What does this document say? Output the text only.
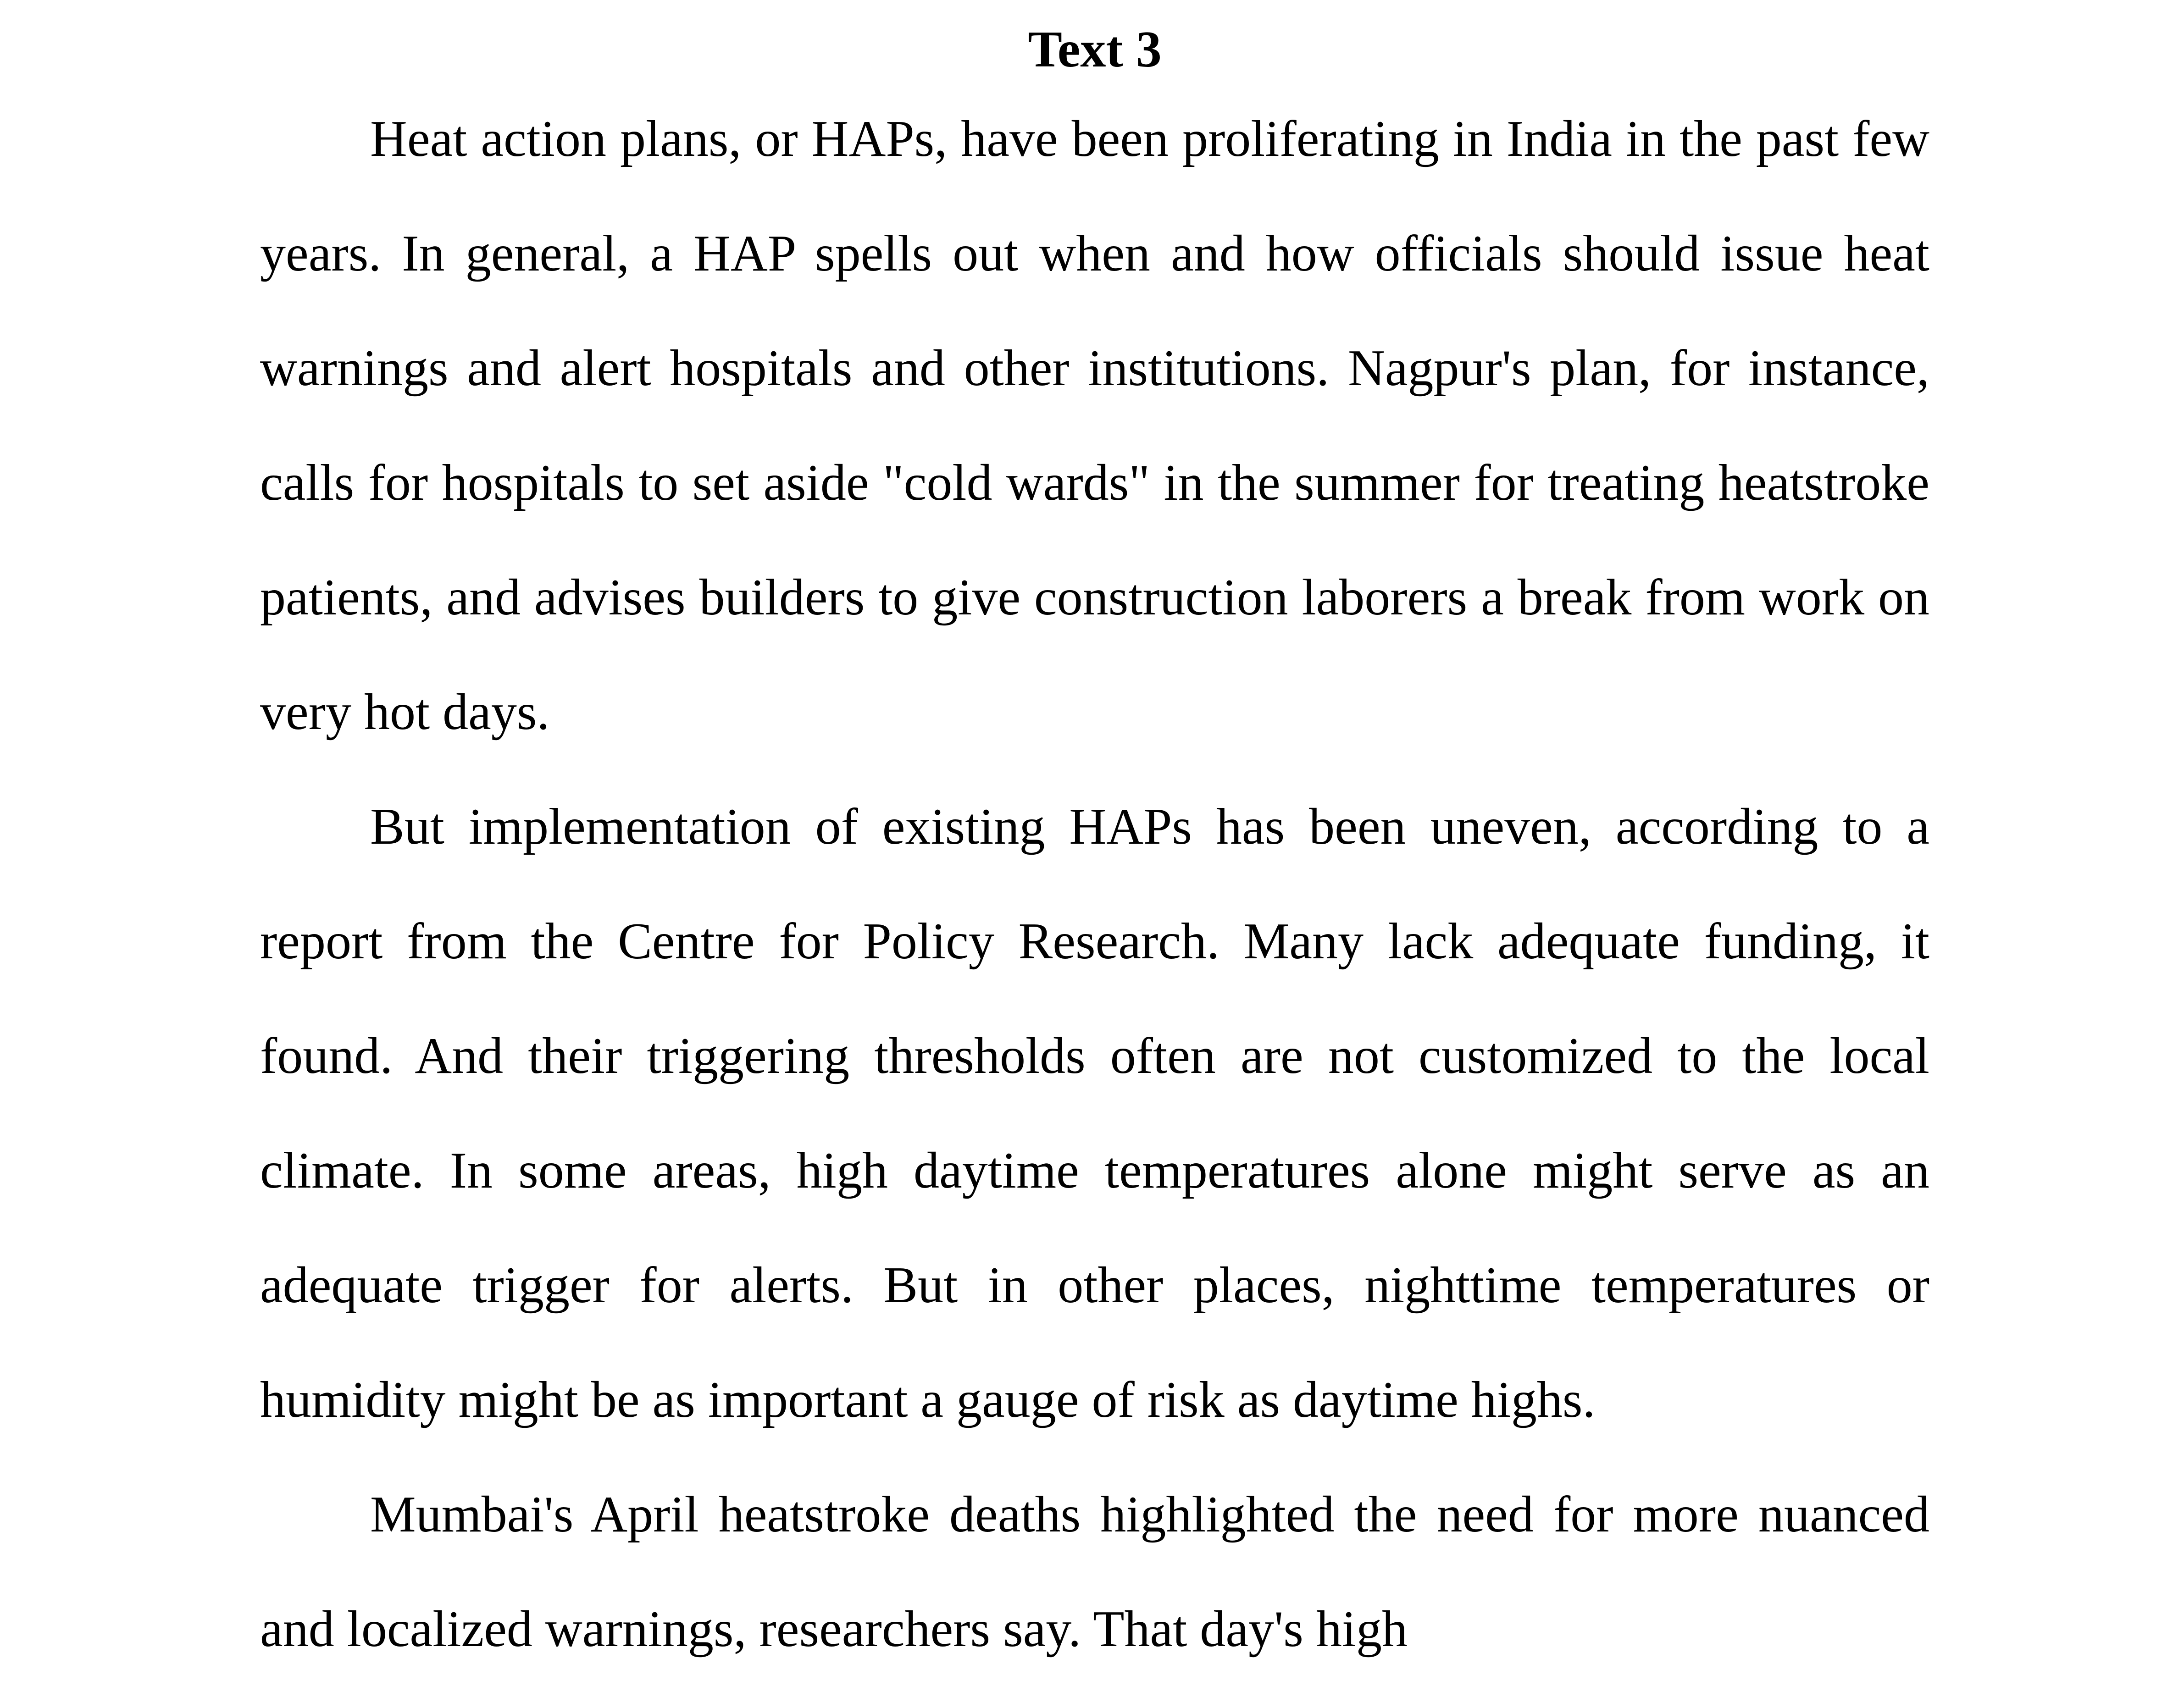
Text 3

Heat action plans, or HAPs, have been proliferating in India in the past few years. In general, a HAP spells out when and how officials should issue heat warnings and alert hospitals and other institutions. Nagpur's plan, for instance, calls for hospitals to set aside "cold wards" in the summer for treating heatstroke patients, and advises builders to give construction laborers a break from work on very hot days.

But implementation of existing HAPs has been uneven, according to a report from the Centre for Policy Research. Many lack adequate funding, it found. And their triggering thresholds often are not customized to the local climate. In some areas, high daytime temperatures alone might serve as an adequate trigger for alerts. But in other places, nighttime temperatures or humidity might be as important a gauge of risk as daytime highs.

Mumbai's April heatstroke deaths highlighted the need for more nuanced and localized warnings, researchers say. That day's high
